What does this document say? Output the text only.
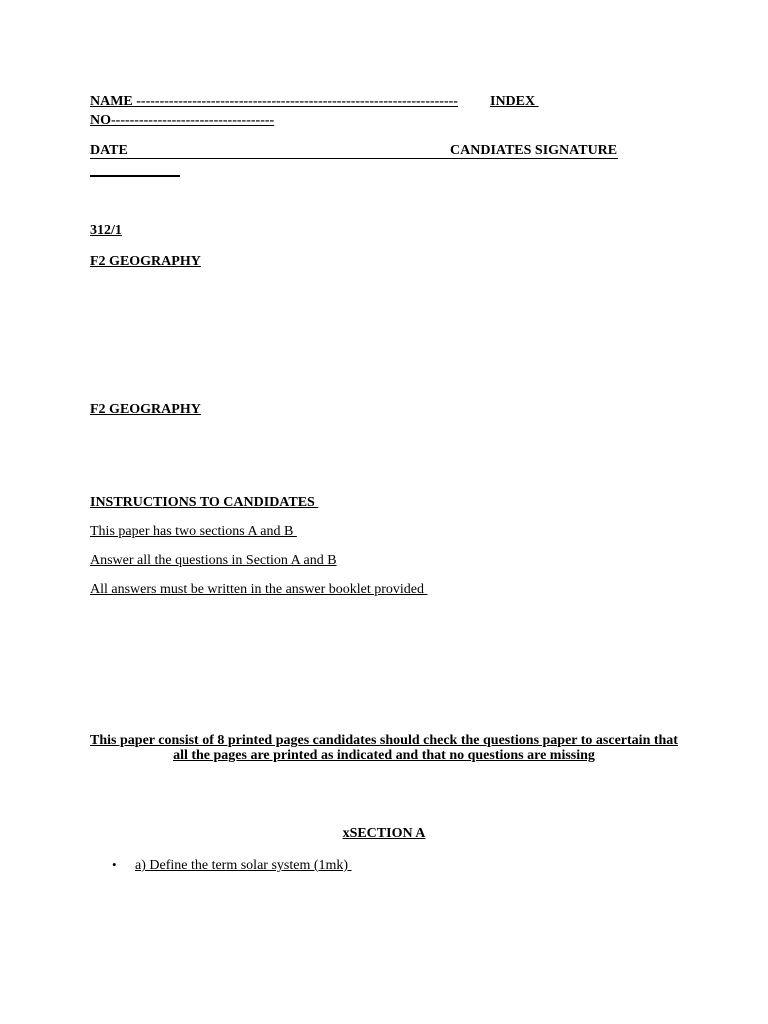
NAME --------------------------------------------------------------------- INDEX
NO-----------------------------------
DATE	CANDIATES SIGNATURE
312/1
F2 GEOGRAPHY
F2 GEOGRAPHY
INSTRUCTIONS TO CANDIDATES
This paper has two sections A and B
Answer all the questions in Section A and B
All answers must be written in the answer booklet provided
This paper consist of 8 printed pages candidates should check the questions paper to ascertain that
all the pages are printed as indicated and that no questions are missing
xSECTION A
• a) Define the term solar system (1mk)
